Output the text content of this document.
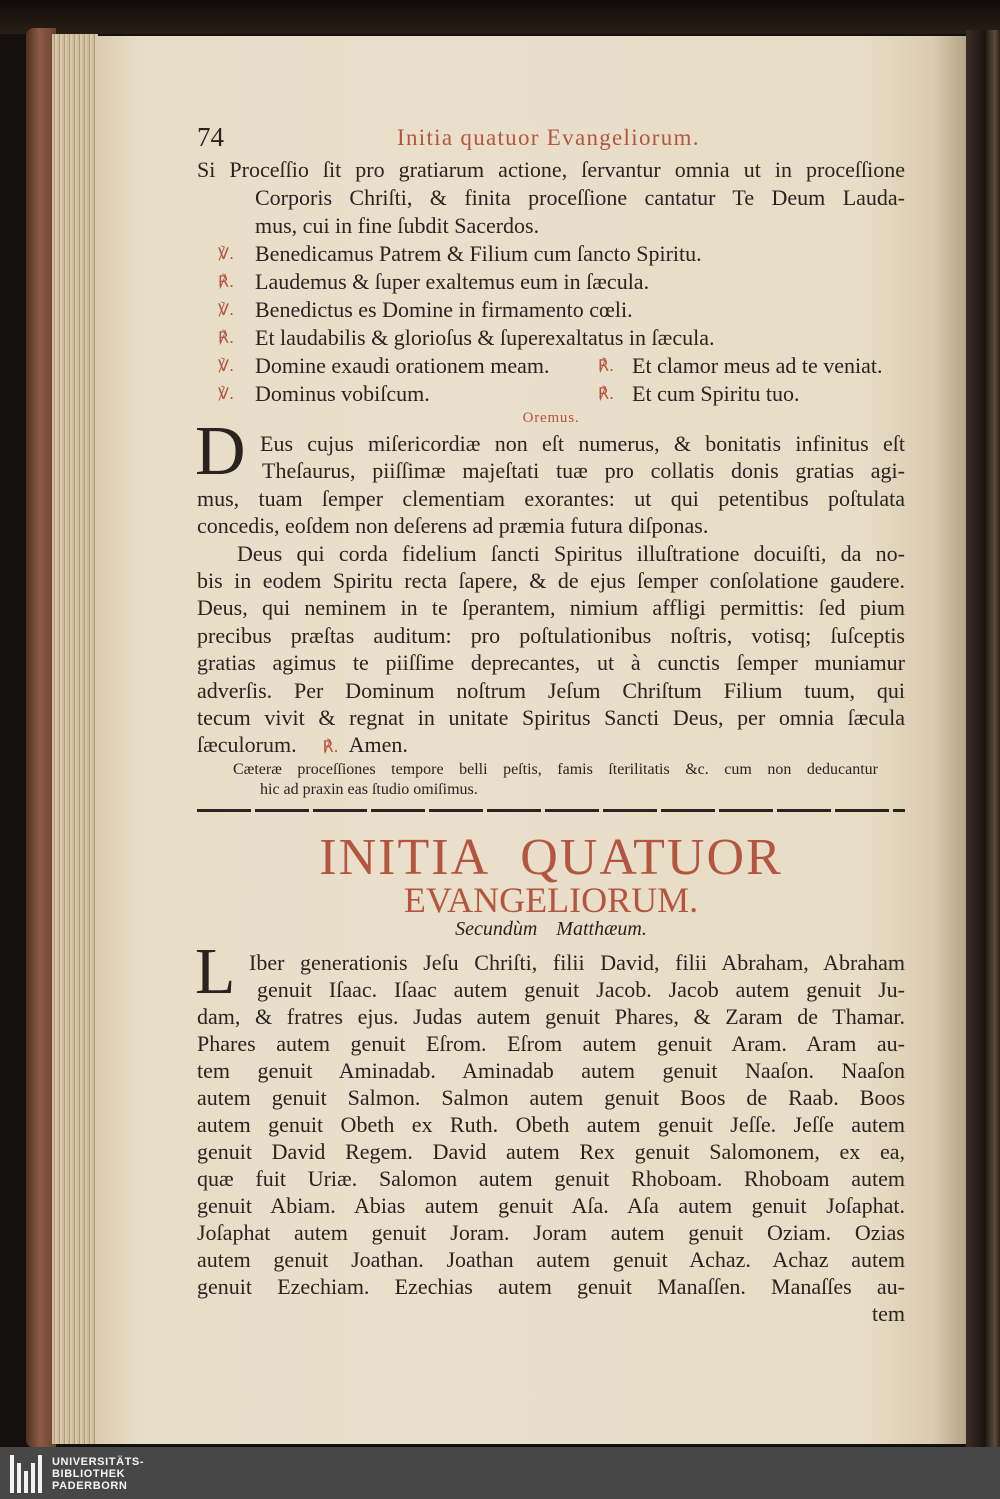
74	Initia quatuor Evangeliorum.
Si Proceſſio ſit pro gratiarum actione, ſervantur omnia ut in proceſſione
Corporis Chriſti, & finita proceſſione cantatur Te Deum Lauda-
mus, cui in fine ſubdit Sacerdos.
℣. Benedicamus Patrem & Filium cum ſancto Spiritu.
℟. Laudemus & ſuper exaltemus eum in ſæcula.
℣. Benedictus es Domine in firmamento cœli.
℟. Et laudabilis & glorioſus & ſuperexaltatus in ſæcula.
℣. Domine exaudi orationem meam.	℟. Et clamor meus ad te veniat.
℣. Dominus vobiſcum.	℟. Et cum Spiritu tuo.
Oremus.
D Eus cujus miſericordiæ non eſt numerus, & bonitatis infinitus eſt
Theſaurus, piiſſimæ majeſtati tuæ pro collatis donis gratias agi-
mus, tuam ſemper clementiam exorantes: ut qui petentibus poſtulata
concedis, eoſdem non deſerens ad præmia futura diſponas.
Deus qui corda fidelium ſancti Spiritus illuſtratione docuiſti, da no-
bis in eodem Spiritu recta ſapere, & de ejus ſemper conſolatione gaudere.
Deus, qui neminem in te ſperantem, nimium affligi permittis: ſed pium
precibus præſtas auditum: pro poſtulationibus noſtris, votisq; ſuſceptis
gratias agimus te piiſſime deprecantes, ut à cunctis ſemper muniamur
adverſis. Per Dominum noſtrum Jeſum Chriſtum Filium tuum, qui
tecum vivit & regnat in unitate Spiritus Sancti Deus, per omnia ſæcula
ſæculorum. ℟. Amen.
Cæteræ proceſſiones tempore belli peſtis, famis ſterilitatis &c. cum non deducantur
hic ad praxin eas ſtudio omiſimus.
INITIA QUATUOR
EVANGELIORUM.
Secundùm Matthæum.
L Iber generationis Jeſu Chriſti, filii David, filii Abraham, Abraham
genuit Iſaac. Iſaac autem genuit Jacob. Jacob autem genuit Ju-
dam, & fratres ejus. Judas autem genuit Phares, & Zaram de Thamar.
Phares autem genuit Eſrom. Eſrom autem genuit Aram. Aram au-
tem genuit Aminadab. Aminadab autem genuit Naaſon. Naaſon
autem genuit Salmon. Salmon autem genuit Boos de Raab. Boos
autem genuit Obeth ex Ruth. Obeth autem genuit Jeſſe. Jeſſe autem
genuit David Regem. David autem Rex genuit Salomonem, ex ea,
quæ fuit Uriæ. Salomon autem genuit Rhoboam. Rhoboam autem
genuit Abiam. Abias autem genuit Aſa. Aſa autem genuit Joſaphat.
Joſaphat autem genuit Joram. Joram autem genuit Oziam. Ozias
autem genuit Joathan. Joathan autem genuit Achaz. Achaz autem
genuit Ezechiam. Ezechias autem genuit Manaſſen. Manaſſes au-
tem
UNIVERSITÄTS-
BIBLIOTHEK
PADERBORN
